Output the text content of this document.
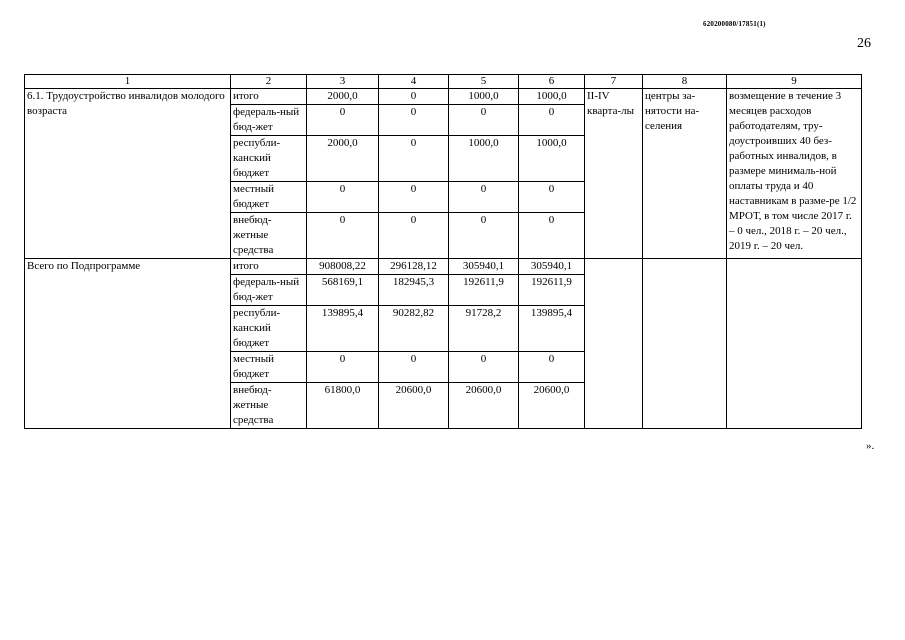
620200080/17851(1)
26
1	2	3	4	5	6	7	8	9
6.1. Трудоустройство инвалидов молодого возраста	итого	2000,0	0	1000,0	1000,0	II-IV кварта-лы	центры за-нятости на-селения	возмещение в течение 3 месяцев расходов работодателям, тру-доустроивших 40 без-работных инвалидов, в размере минималь-ной оплаты труда и 40 наставникам в разме-ре 1/2 МРОТ, в том числе 2017 г. – 0 чел., 2018 г. – 20 чел., 2019 г. – 20 чел.
	федераль-ный бюд-жет	0	0	0	0			
	республи-канский бюджет	2000,0	0	1000,0	1000,0			
	местный бюджет	0	0	0	0			
	внебюд-жетные средства	0	0	0	0			
Всего по Подпрограмме	итого	908008,22	296128,12	305940,1	305940,1			
	федераль-ный бюд-жет	568169,1	182945,3	192611,9	192611,9			
	республи-канский бюджет	139895,4	90282,82	91728,2	139895,4			
	местный бюджет	0	0	0	0			
	внебюд-жетные средства	61800,0	20600,0	20600,0	20600,0			
».
